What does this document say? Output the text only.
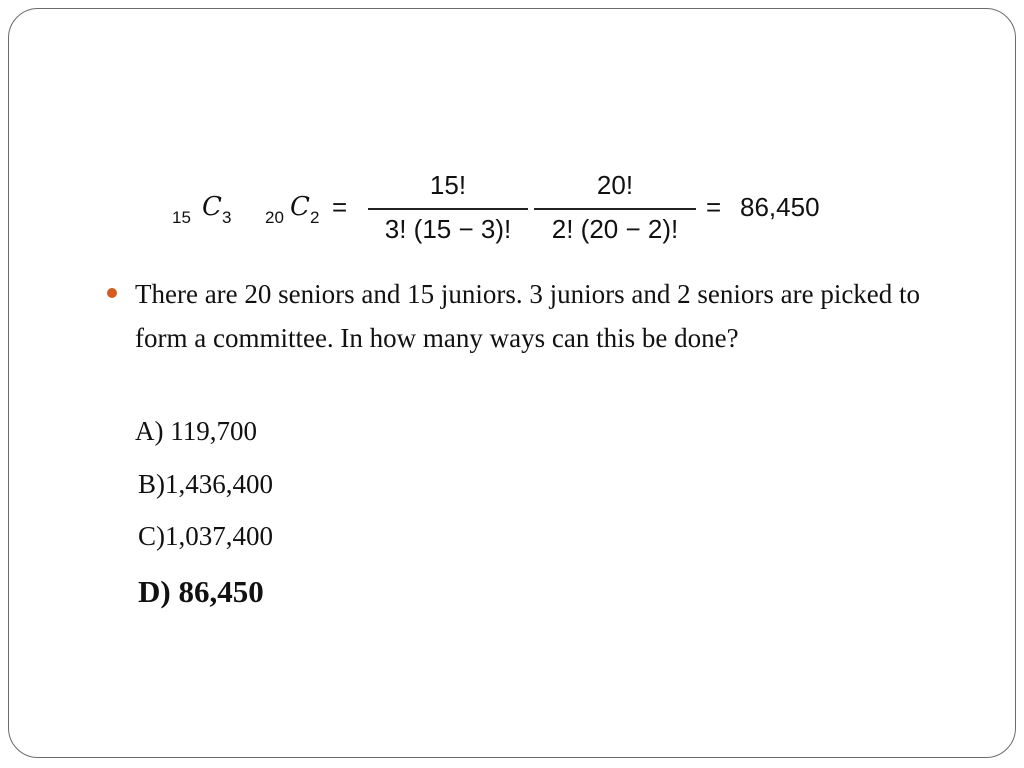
15 C 3 20 C 2 =
15!
3! (15 − 3)!
20!
2! (20 − 2)!
= 86,450
There are 20 seniors and 15 juniors. 3 juniors and 2 seniors are picked to form a committee. In how many ways can this be done?
A) 119,700
B)1,436,400
C)1,037,400
D) 86,450
